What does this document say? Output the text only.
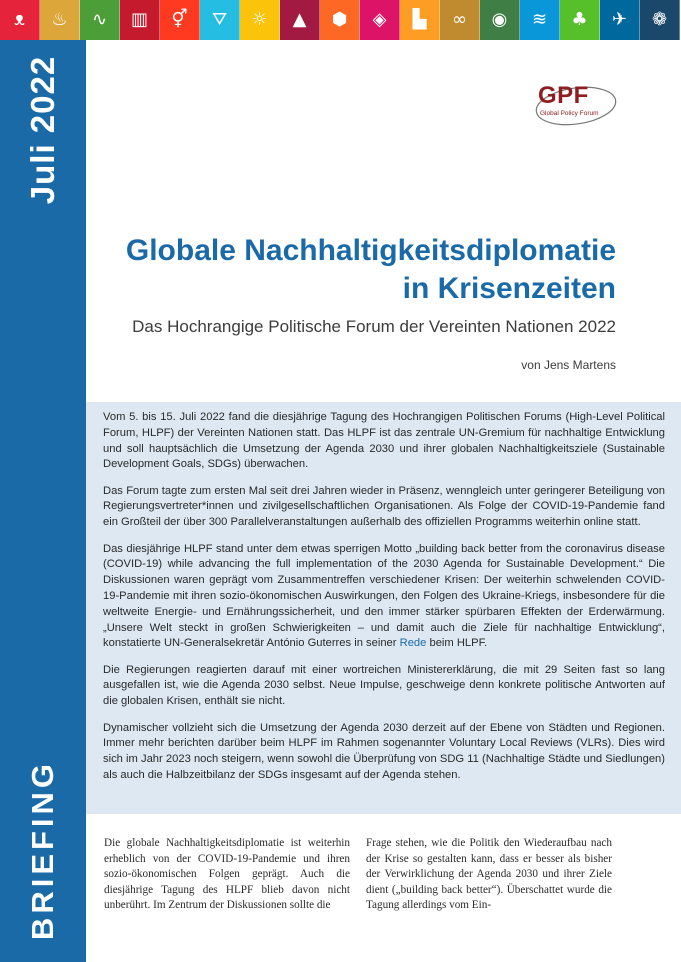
ᴥ	♨	∿	▥	⚥	⛛	☼	▲	⬢	◈	▙	∞	◉	≋	♣	✈	❁
Juli 2022
BRIEFING
GPF
Global Policy Forum
Globale Nachhaltigkeitsdiplomatie
in Krisenzeiten
Das Hochrangige Politische Forum der Vereinten Nationen 2022
von Jens Martens

Vom 5. bis 15. Juli 2022 fand die diesjährige Tagung des Hochrangigen Politischen Forums (High-Level Political Forum, HLPF) der Vereinten Nationen statt. Das HLPF ist das zentrale UN-Gremium für nachhaltige Entwicklung und soll hauptsächlich die Umsetzung der Agenda 2030 und ihrer globalen Nachhaltigkeitsziele (Sustainable Development Goals, SDGs) überwachen.

Das Forum tagte zum ersten Mal seit drei Jahren wieder in Präsenz, wenngleich unter geringerer Beteiligung von Regierungsvertreter*innen und zivilgesellschaftlichen Organisationen. Als Folge der COVID-19-Pandemie fand ein Großteil der über 300 Parallelveranstaltungen außerhalb des offiziellen Programms weiterhin online statt.

Das diesjährige HLPF stand unter dem etwas sperrigen Motto „building back better from the coronavirus disease (COVID-19) while advancing the full implementation of the 2030 Agenda for Sustainable Development.“ Die Diskussionen waren geprägt vom Zusammentreffen verschiedener Krisen: Der weiterhin schwelenden COVID-19-Pandemie mit ihren sozio-ökonomischen Auswirkungen, den Folgen des Ukraine-Kriegs, insbesondere für die weltweite Energie- und Ernährungssicherheit, und den immer stärker spürbaren Effekten der Erderwärmung. „Unsere Welt steckt in großen Schwierigkeiten – und damit auch die Ziele für nachhaltige Entwicklung“, konstatierte UN-Generalsekretär António Guterres in seiner Rede beim HLPF.

Die Regierungen reagierten darauf mit einer wortreichen Ministererklärung, die mit 29 Seiten fast so lang ausgefallen ist, wie die Agenda 2030 selbst. Neue Impulse, geschweige denn konkrete politische Antworten auf die globalen Krisen, enthält sie nicht.

Dynamischer vollzieht sich die Umsetzung der Agenda 2030 derzeit auf der Ebene von Städten und Regionen. Immer mehr berichten darüber beim HLPF im Rahmen sogenannter Voluntary Local Reviews (VLRs). Dies wird sich im Jahr 2023 noch steigern, wenn sowohl die Überprüfung von SDG 11 (Nachhaltige Städte und Siedlungen) als auch die Halbzeitbilanz der SDGs insgesamt auf der Agenda stehen.

Die globale Nachhaltigkeitsdiplomatie ist weiterhin erheblich von der COVID-19-Pandemie und ihren sozio-ökonomischen Folgen geprägt. Auch die diesjährige Tagung des HLPF blieb davon nicht unberührt. Im Zentrum der Diskussionen sollte die
Frage stehen, wie die Politik den Wiederaufbau nach der Krise so gestalten kann, dass er besser als bisher der Verwirklichung der Agenda 2030 und ihrer Ziele dient („building back better“). Überschattet wurde die Tagung allerdings vom Ein-
